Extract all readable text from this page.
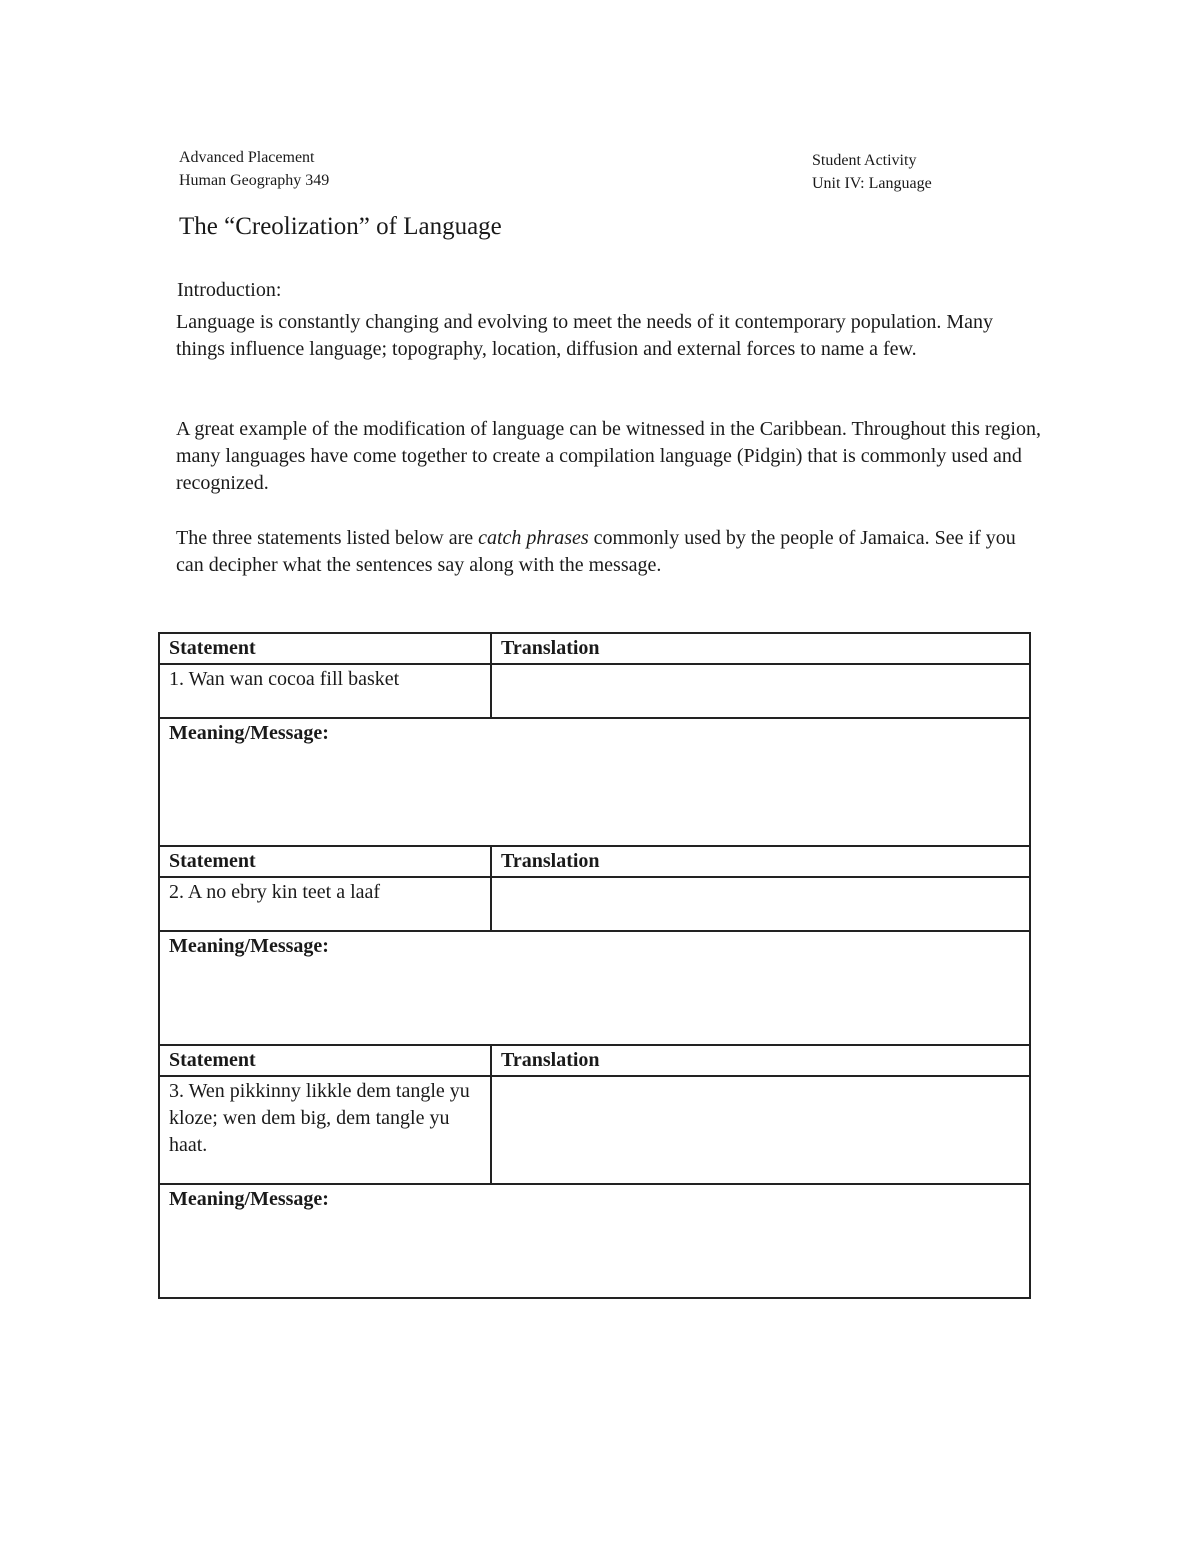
Advanced Placement
Human Geography 349
Student Activity
Unit IV: Language
The “Creolization” of Language
Introduction:
Language is constantly changing and evolving to meet the needs of it contemporary population. Many things influence language; topography, location, diffusion and external forces to name a few.
A great example of the modification of language can be witnessed in the Caribbean. Throughout this region, many languages have come together to create a compilation language (Pidgin) that is commonly used and recognized.
The three statements listed below are catch phrases commonly used by the people of Jamaica. See if you can decipher what the sentences say along with the message.
Statement	Translation
1. Wan wan cocoa fill basket	

Meaning/Message:	

Statement	Translation
2. A no ebry kin teet a laaf	

Meaning/Message:	

Statement	Translation
3. Wen pikkinny likkle dem tangle yu kloze; wen dem big, dem tangle yu haat.	

Meaning/Message:	
